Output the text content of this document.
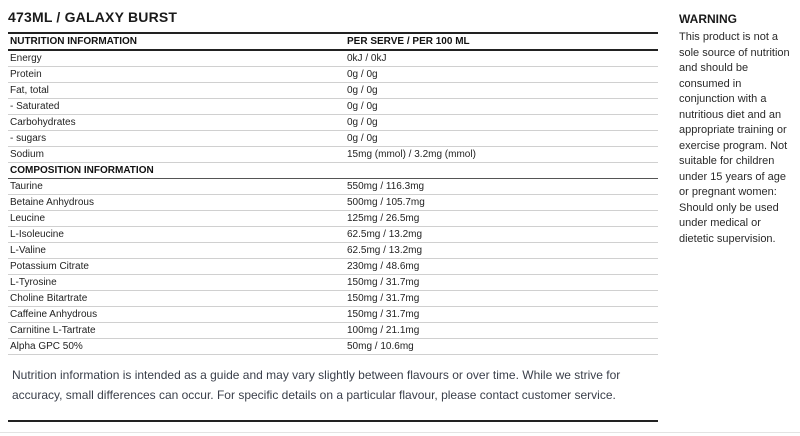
473ML / GALAXY BURST
NUTRITION INFORMATION	PER SERVE / PER 100 ML
Energy	0kJ / 0kJ
Protein	0g / 0g
Fat, total	0g / 0g
- Saturated	0g / 0g
Carbohydrates	0g / 0g
- sugars	0g / 0g
Sodium	15mg (mmol) / 3.2mg (mmol)
COMPOSITION INFORMATION	
Taurine	550mg / 116.3mg
Betaine Anhydrous	500mg / 105.7mg
Leucine	125mg / 26.5mg
L-Isoleucine	62.5mg / 13.2mg
L-Valine	62.5mg / 13.2mg
Potassium Citrate	230mg / 48.6mg
L-Tyrosine	150mg / 31.7mg
Choline Bitartrate	150mg / 31.7mg
Caffeine Anhydrous	150mg / 31.7mg
Carnitine L-Tartrate	100mg / 21.1mg
Alpha GPC 50%	50mg / 10.6mg
Nutrition information is intended as a guide and may vary slightly between flavours or over time. While we strive for accuracy, small differences can occur. For specific details on a particular flavour, please contact customer service.
WARNING
This product is not a sole source of nutrition and should be consumed in conjunction with a nutritious diet and an appropriate training or exercise program. Not suitable for children under 15 years of age or pregnant women: Should only be used under medical or dietetic supervision.
